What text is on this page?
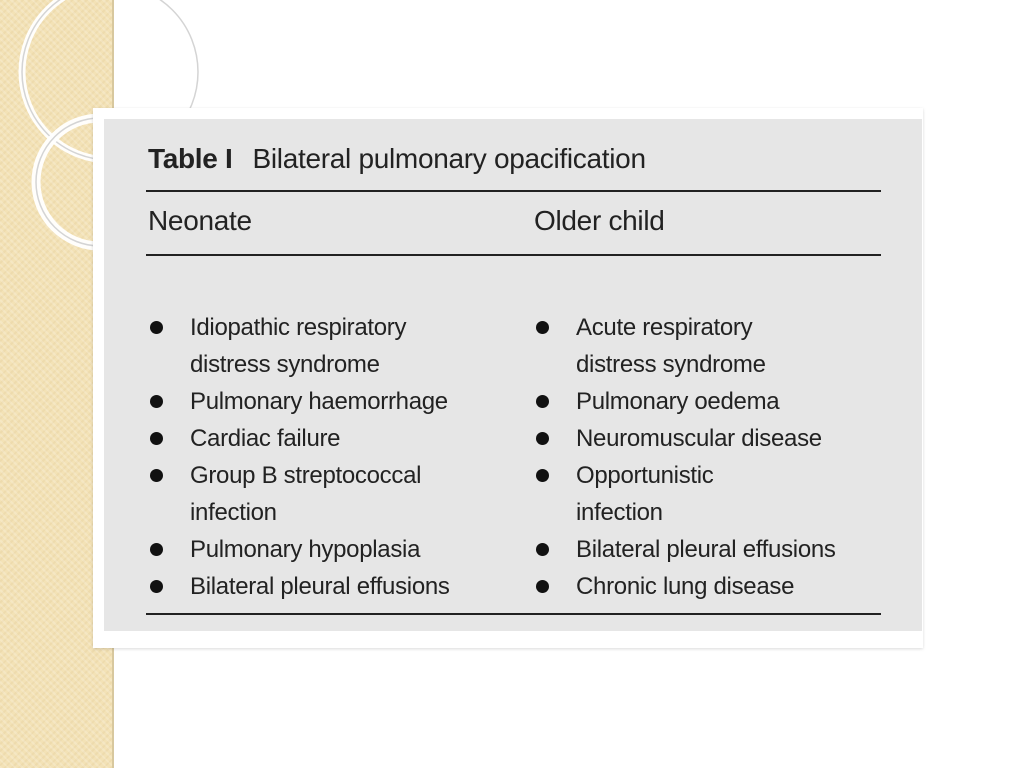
Table I Bilateral pulmonary opacification
Neonate	Older child
Idiopathic respiratory
distress syndrome
Pulmonary haemorrhage
Cardiac failure
Group B streptococcal
infection
Pulmonary hypoplasia
Bilateral pleural effusions
Acute respiratory
distress syndrome
Pulmonary oedema
Neuromuscular disease
Opportunistic
infection
Bilateral pleural effusions
Chronic lung disease
